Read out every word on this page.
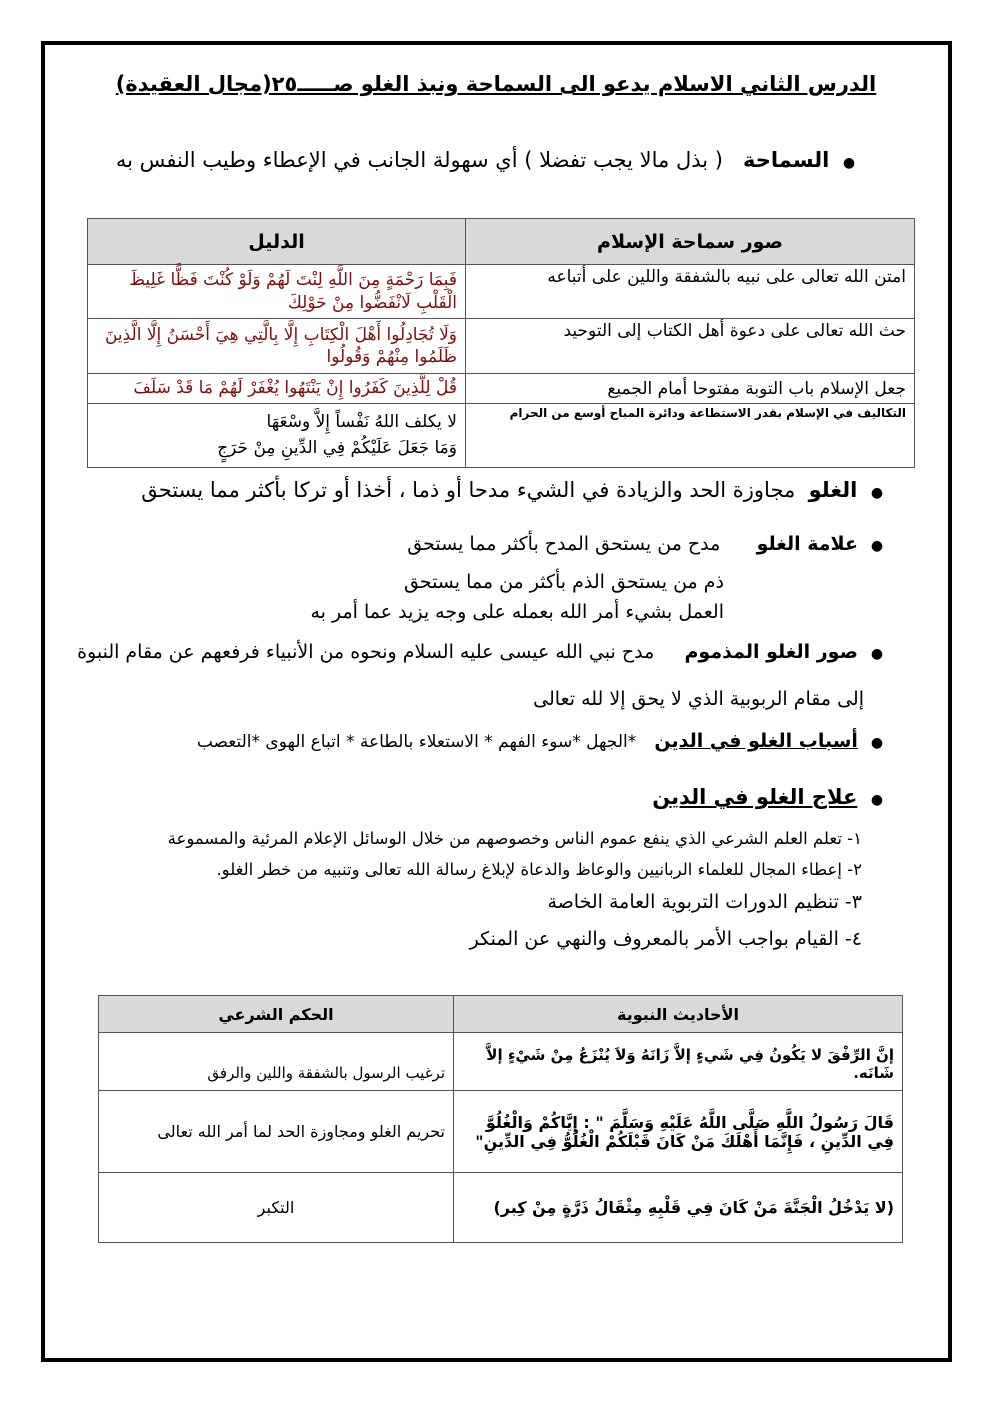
الدرس الثاني الاسلام يدعو الى السماحة ونبذ الغلو صـــــ٢٥(مجال العقيدة)
● السماحة   ( بذل مالا يجب تفضلا ) أي سهولة الجانب في الإعطاء وطيب النفس به
صور سماحة الإسلام	الدليل
امتن الله تعالى على نبيه بالشفقة واللين على أتباعه	فَبِمَا رَحْمَةٍ مِنَ اللَّهِ لِنْتَ لَهُمْ وَلَوْ كُنْتَ فَظًّا غَلِيظَ الْقَلْبِ لَانْفَضُّوا مِنْ حَوْلِكَ
حث الله تعالى على دعوة أهل الكتاب إلى التوحيد	وَلَا تُجَادِلُوا أَهْلَ الْكِتَابِ إِلَّا بِالَّتِي هِيَ أَحْسَنُ إِلَّا الَّذِينَ ظَلَمُوا مِنْهُمْ وَقُولُوا
جعل الإسلام باب التوبة مفتوحا أمام الجميع	قُلْ لِلَّذِينَ كَفَرُوا إِنْ يَنْتَهُوا يُغْفَرْ لَهُمْ مَا قَدْ سَلَفَ
التكاليف في الإسلام بقدر الاستطاعة ودائرة المباح أوسع من الحرام	لا يكلف اللهُ نَفْساً إِلاَّ وسْعَهَا
وَمَا جَعَلَ عَلَيْكُمْ فِي الدِّينِ مِنْ حَرَجٍ
● الغلو  مجاوزة الحد والزيادة في الشيء مدحا أو ذما ، أخذا أو تركا بأكثر مما يستحق
● علامة الغلو      مدح من يستحق المدح بأكثر مما يستحق
ذم من يستحق الذم بأكثر من مما يستحق
العمل بشيء أمر الله بعمله على وجه يزيد عما أمر به
● صور الغلو المذموم     مدح نبي الله عيسى عليه السلام ونحوه من الأنبياء فرفعهم عن مقام النبوة
إلى مقام الربوبية الذي لا يحق إلا لله تعالى
● أسباب الغلو في الدين   *الجهل *سوء الفهم * الاستعلاء بالطاعة * اتباع الهوى *التعصب
● علاج الغلو في الدين
١- تعلم العلم الشرعي الذي ينفع عموم الناس وخصوصهم من خلال الوسائل الإعلام المرئية والمسموعة
٢- إعطاء المجال للعلماء الربانيين والوعاظ والدعاة لإبلاغ رسالة الله تعالى وتنبيه من خطر الغلو.
٣- تنظيم الدورات التربوية العامة الخاصة
٤- القيام بواجب الأمر بالمعروف والنهي عن المنكر
الأحاديث النبوية	الحكم الشرعي
إنَّ الرِّفْقَ لا يَكُونُ فِي شَيءٍ إلاَّ زَانَهُ وَلاَ يُنْزَعُ مِنْ شَيْءٍ إلاَّ شَانَه.	ترغيب الرسول بالشفقة واللين والرفق
قَالَ رَسُولُ اللَّهِ صَلَّى اللَّهُ عَلَيْهِ وَسَلَّمَ " : إِيَّاكُمْ وَالْغُلُوَّ فِي الدِّينِ ، فَإِنَّمَا أَهْلَكَ مَنْ كَانَ قَبْلَكُمْ الْغُلُوُّ فِي الدِّينِ"	تحريم الغلو ومجاوزة الحد لما أمر الله تعالى
(لا يَدْخُلُ الْجَنَّةَ مَنْ كَانَ فِي قَلْبِهِ مِثْقَالُ ذَرَّةٍ مِنْ كِبر)	التكبر
